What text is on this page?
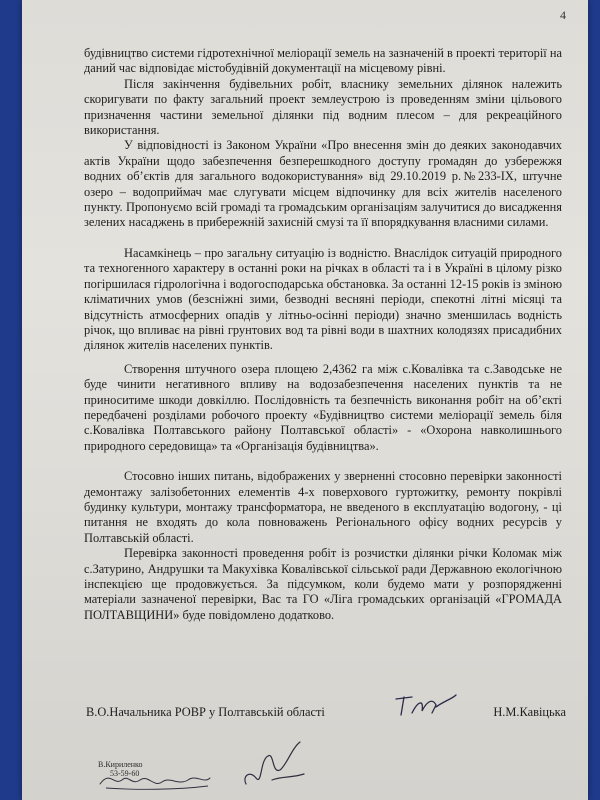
4

будівництво системи гідротехнічної меліорації земель на зазначеній в проекті території на даний час відповідає містобудівній документації на місцевому рівні.

Після закінчення будівельних робіт, власнику земельних ділянок належить скоригувати по факту загальний проект землеустрою із проведенням зміни цільового призначення частини земельної ділянки під водним плесом – для рекреаційного використання.

У відповідності із Законом України «Про внесення змін до деяких законодавчих актів України щодо забезпечення безперешкодного доступу громадян до узбережжя водних об’єктів для загального водокористування» від 29.10.2019 р.№233-IX, штучне озеро – водоприймач має слугувати місцем відпочинку для всіх жителів населеного пункту. Пропонуємо всій громаді та громадським організаціям залучитися до висадження зелених насаджень в прибережній захисній смузі та її впорядкування власними силами.

Насамкінець – про загальну ситуацію із водністю. Внаслідок ситуацій природного та техногенного характеру в останні роки на річках в області та і в Україні в цілому різко погіршилася гідрологічна і водогосподарська обстановка. За останні 12-15 років із зміною кліматичних умов (безсніжні зими, безводні весняні періоди, спекотні літні місяці та відсутність атмосферних опадів у літньо-осінні періоди) значно зменшилась водність річок, що впливає на рівні грунтових вод та рівні води в шахтних колодязях присадибних ділянок жителів населених пунктів.

Створення штучного озера площею 2,4362 га між с.Ковалівка та с.Заводське не буде чинити негативного впливу на водозабезпечення населених пунктів та не приноситиме шкоди довкіллю. Послідовність та безпечність виконання робіт на об’єкті передбачені розділами робочого проекту «Будівництво системи меліорації земель біля с.Ковалівка Полтавського району Полтавської області» - «Охорона навколишнього природного середовища» та «Організація будівництва».

Стосовно інших питань, відображених у зверненні стосовно перевірки законності демонтажу залізобетонних елементів 4-х поверхового гуртожитку, ремонту покрівлі будинку культури, монтажу трансформатора, не введеного в експлуатацію водогону, - ці питання не входять до кола повноважень Регіонального офісу водних ресурсів у Полтавській області.

Перевірка законності проведення робіт із розчистки ділянки річки Коломак між с.Затурино, Андрушки та Макухівка Ковалівської сільської ради Державною екологічною інспекцією ще продовжується. За підсумком, коли будемо мати у розпорядженні матеріали зазначеної перевірки, Вас та ГО «Ліга громадських організацій «ГРОМАДА ПОЛТАВЩИНИ» буде повідомлено додатково.

В.О.Начальника РОВР у Полтавській області	Н.М.Кавіцька
В.Кириленко
53-59-60
